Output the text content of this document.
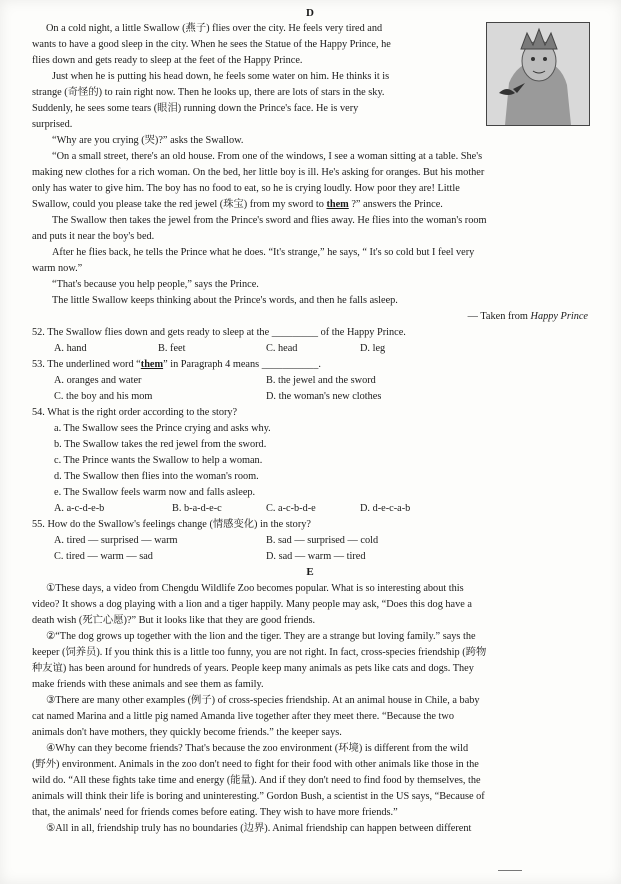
D
On a cold night, a little Swallow (燕子) flies over the city. He feels very tired and
wants to have a good sleep in the city. When he sees the Statue of the Happy Prince, he
flies down and gets ready to sleep at the feet of the Happy Prince.
Just when he is putting his head down, he feels some water on him. He thinks it is
strange (奇怪的) to rain right now. Then he looks up, there are lots of stars in the sky.
Suddenly, he sees some tears (眼泪) running down the Prince's face. He is very
surprised.
“Why are you crying (哭)?” asks the Swallow.
“On a small street, there's an old house. From one of the windows, I see a woman sitting at a table. She's
making new clothes for a rich woman. On the bed, her little boy is ill. He's asking for oranges. But his mother
only has water to give him. The boy has no food to eat, so he is crying loudly. How poor they are! Little
Swallow, could you please take the red jewel (珠宝) from my sword to them ?” answers the Prince.
The Swallow then takes the jewel from the Prince's sword and flies away. He flies into the woman's room
and puts it near the boy's bed.
After he flies back, he tells the Prince what he does. “It's strange,” he says, “ It's so cold but I feel very
warm now.”
“That's because you help people,” says the Prince.
The little Swallow keeps thinking about the Prince's words, and then he falls asleep.
— Taken from Happy Prince
52. The Swallow flies down and gets ready to sleep at the _________ of the Happy Prince.
A. hand	B. feet	C. head	D. leg
53. The underlined word “them” in Paragraph 4 means ___________.
A. oranges and water	B. the jewel and the sword
C. the boy and his mom	D. the woman's new clothes
54. What is the right order according to the story?
a. The Swallow sees the Prince crying and asks why.
b. The Swallow takes the red jewel from the sword.
c. The Prince wants the Swallow to help a woman.
d. The Swallow then flies into the woman's room.
e. The Swallow feels warm now and falls asleep.
A. a-c-d-e-b	B. b-a-d-e-c	C. a-c-b-d-e	D. d-e-c-a-b
55. How do the Swallow's feelings change (情感变化) in the story?
A. tired — surprised — warm	B. sad — surprised — cold
C. tired — warm — sad	D. sad — warm — tired
E
①These days, a video from Chengdu Wildlife Zoo becomes popular. What is so interesting about this
video? It shows a dog playing with a lion and a tiger happily. Many people may ask, “Does this dog have a
death wish (死亡心愿)?” But it looks like that they are good friends.
②“The dog grows up together with the lion and the tiger. They are a strange but loving family.” says the
keeper (饲养员). If you think this is a little too funny, you are not right. In fact, cross-species friendship (跨物
种友谊) has been around for hundreds of years. People keep many animals as pets like cats and dogs. They
make friends with these animals and see them as family.
③There are many other examples (例子) of cross-species friendship. At an animal house in Chile, a baby
cat named Marina and a little pig named Amanda live together after they meet there. “Because the two
animals don't have mothers, they quickly become friends.” the keeper says.
④Why can they become friends? That's because the zoo environment (环境) is different from the wild
(野外) environment. Animals in the zoo don't need to fight for their food with other animals like those in the
wild do. “All these fights take time and energy (能量). And if they don't need to find food by themselves, the
animals will think their life is boring and uninteresting.” Gordon Bush, a scientist in the US says, “Because of
that, the animals' need for friends comes before eating. They wish to have more friends.”
⑤All in all, friendship truly has no boundaries (边界). Animal friendship can happen between different
